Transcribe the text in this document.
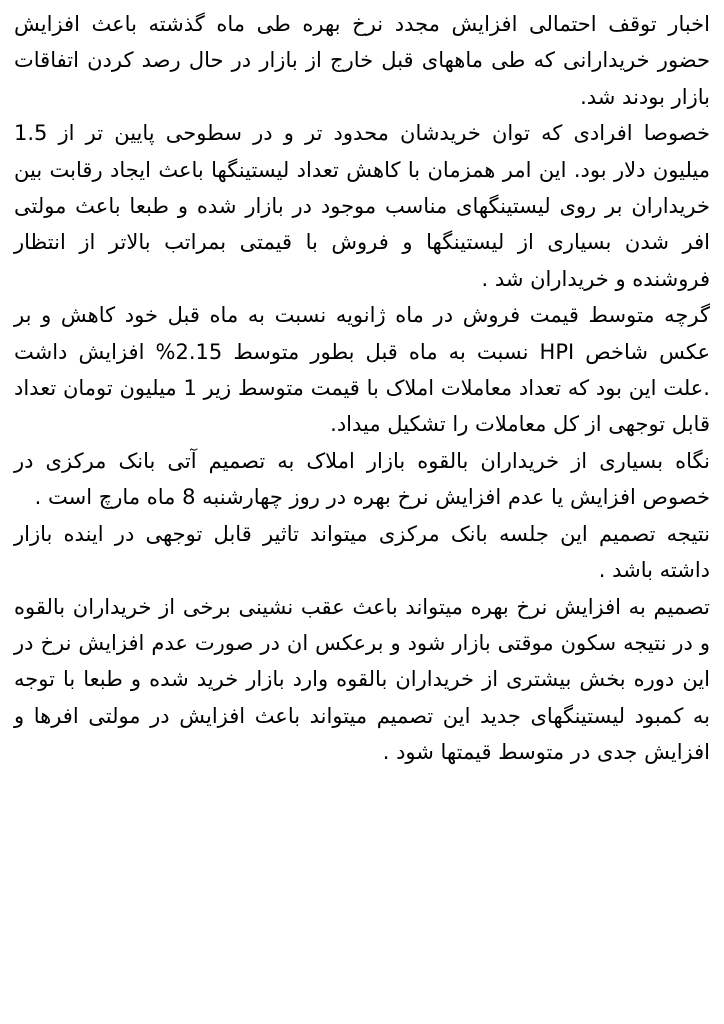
اخبار توقف احتمالی افزایش مجدد نرخ بهره طی ماه گذشته باعث افزایش حضور خریدارانی که طی ماههای قبل خارج از بازار در حال رصد کردن اتفاقات بازار بودند شد.

خصوصا افرادی که توان خریدشان محدود تر و در سطوحی پایین تر از 1.5 میلیون دلار بود. این امر همزمان با کاهش تعداد لیستینگها باعث ایجاد رقابت بین خریداران بر روی لیستینگهای مناسب موجود در بازار شده و طبعا باعث مولتی افر شدن بسیاری از لیستینگها و فروش با قیمتی بمراتب بالاتر از انتظار فروشنده و خریداران شد .

گرچه متوسط قیمت فروش در ماه ژانویه نسبت به ماه قبل خود کاهش و بر عکس شاخص HPI نسبت به ماه قبل بطور متوسط 2.15% افزایش داشت .علت این بود که تعداد معاملات املاک با قیمت متوسط زیر 1 میلیون تومان تعداد قابل توجهی از کل معاملات را تشکیل میداد.

نگاه بسیاری از خریداران بالقوه بازار املاک به تصمیم آتی بانک مرکزی در خصوص افزایش یا عدم افزایش نرخ بهره در روز چهارشنبه 8 ماه مارچ است .

نتیجه تصمیم این جلسه بانک مرکزی میتواند تاثیر قابل توجهی در اینده بازار داشته باشد .

تصمیم به افزایش نرخ بهره میتواند باعث عقب نشینی برخی از خریداران بالقوه و در نتیجه سکون موقتی بازار شود و برعکس ان در صورت عدم افزایش نرخ در این دوره بخش بیشتری از خریداران بالقوه وارد بازار خرید شده و طبعا با توجه به کمبود لیستینگهای جدید این تصمیم میتواند باعث افزایش در مولتی افرها و افزایش جدی در متوسط قیمتها شود .
